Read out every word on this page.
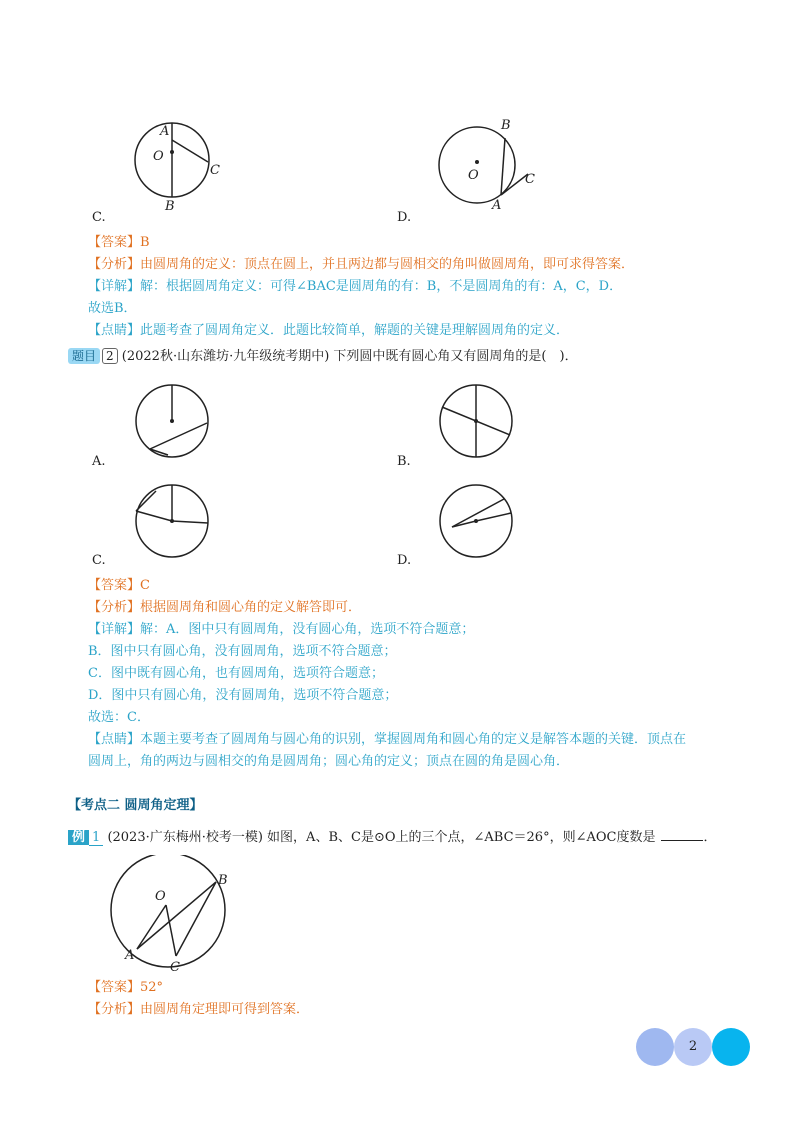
A
O
C
B
C.
B
O	C
A
D.
【答案】B
【分析】由圆周角的定义：顶点在圆上，并且两边都与圆相交的角叫做圆周角，即可求得答案．
【详解】解：根据圆周角定义：可得∠BAC是圆周角的有：B，不是圆周角的有：A，C，D．
故选B．
【点睛】此题考查了圆周角定义．此题比较简单，解题的关键是理解圆周角的定义．
题目 2 (2022秋·山东潍坊·九年级统考期中) 下列圆中既有圆心角又有圆周角的是(　)．
A.	B.
C.	D.
【答案】C
【分析】根据圆周角和圆心角的定义解答即可．
【详解】解：A．图中只有圆周角，没有圆心角，选项不符合题意；
B．图中只有圆心角，没有圆周角，选项不符合题意；
C．图中既有圆心角，也有圆周角，选项符合题意；
D．图中只有圆心角，没有圆周角，选项不符合题意；
故选：C．
【点睛】本题主要考查了圆周角与圆心角的识别，掌握圆周角和圆心角的定义是解答本题的关键．顶点在
圆周上，角的两边与圆相交的角是圆周角；圆心角的定义；顶点在圆的角是圆心角．
【考点二 圆周角定理】
例 1 (2023·广东梅州·校考一模) 如图，A、B、C是⊙O上的三个点，∠ABC＝26°，则∠AOC度数是	．
O
B
A
C
【答案】52°
【分析】由圆周角定理即可得到答案．
2
